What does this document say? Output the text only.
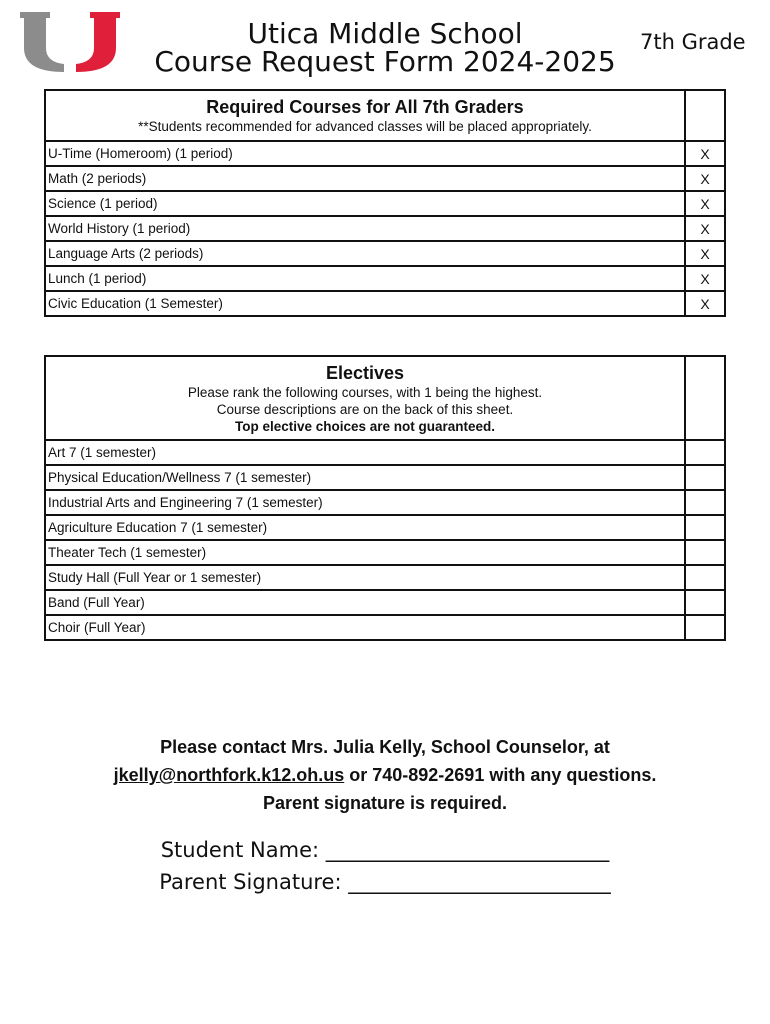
Utica Middle School
Course Request Form 2024-2025
7th Grade
Required Courses for All 7th Graders
**Students recommended for advanced classes will be placed appropriately.	

U-Time (Homeroom) (1 period)	X
Math (2 periods)	X
Science (1 period)	X
World History (1 period)	X
Language Arts (2 periods)	X
Lunch (1 period)	X
Civic Education (1 Semester)	X
Electives
Please rank the following courses, with 1 being the highest.
Course descriptions are on the back of this sheet.
Top elective choices are not guaranteed.	

Art 7 (1 semester)	
Physical Education/Wellness 7 (1 semester)	
Industrial Arts and Engineering 7 (1 semester)	
Agriculture Education 7 (1 semester)	
Theater Tech (1 semester)	
Study Hall (Full Year or 1 semester)	
Band (Full Year)	
Choir (Full Year)	
Please contact Mrs. Julia Kelly, School Counselor, at
jkelly@northfork.k12.oh.us or 740-892-2691 with any questions.
Parent signature is required.
Student Name: ___________________________
Parent Signature: _________________________
